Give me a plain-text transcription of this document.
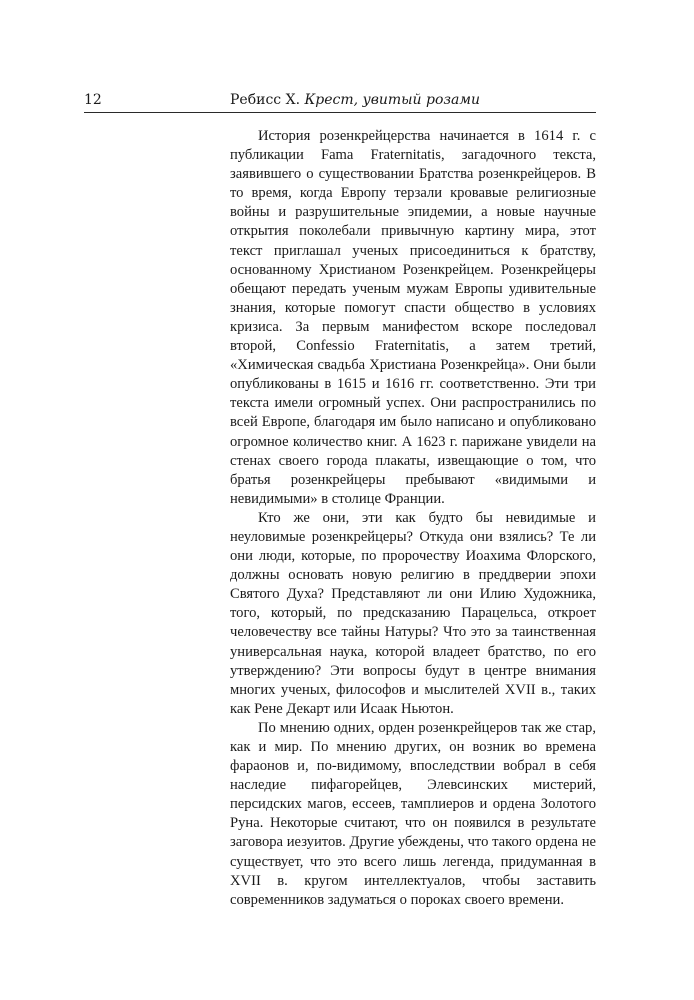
12	Ребисс Х. Крест, увитый розами

История розенкрейцерства начинается в 1614 г. с публикации Fama Fraternitatis, загадочного текста, заявившего о существовании Братства розенкрейцеров. В то время, когда Европу терзали кровавые религиозные войны и разрушительные эпидемии, а новые научные открытия поколебали привычную картину мира, этот текст приглашал ученых присоединиться к братству, основанному Христианом Розенкрейцем. Розенкрейцеры обещают передать ученым мужам Европы удивительные знания, которые помогут спасти общество в условиях кризиса. За первым манифестом вскоре последовал второй, Confessio Fraternitatis, а затем третий, «Химическая свадьба Христиана Розенкрейца». Они были опубликованы в 1615 и 1616 гг. соответственно. Эти три текста имели огромный успех. Они распространились по всей Европе, благодаря им было написано и опубликовано огромное количество книг. А 1623 г. парижане увидели на стенах своего города плакаты, извещающие о том, что братья розенкрейцеры пребывают «видимыми и невидимыми» в столице Франции.

Кто же они, эти как будто бы невидимые и неуловимые розенкрейцеры? Откуда они взялись? Те ли они люди, которые, по пророчеству Иоахима Флорского, должны основать новую религию в преддверии эпохи Святого Духа? Представляют ли они Илию Художника, того, который, по предсказанию Парацельса, откроет человечеству все тайны Натуры? Что это за таинственная универсальная наука, которой владеет братство, по его утверждению? Эти вопросы будут в центре внимания многих ученых, философов и мыслителей XVII в., таких как Рене Декарт или Исаак Ньютон.

По мнению одних, орден розенкрейцеров так же стар, как и мир. По мнению других, он возник во времена фараонов и, по-видимому, впоследствии вобрал в себя наследие пифагорейцев, Элевсинских мистерий, персидских магов, ессеев, тамплиеров и ордена Золотого Руна. Некоторые считают, что он появился в результате заговора иезуитов. Другие убеждены, что такого ордена не существует, что это всего лишь легенда, придуманная в XVII в. кругом интеллектуалов, чтобы заставить современников задуматься о пороках своего времени.
